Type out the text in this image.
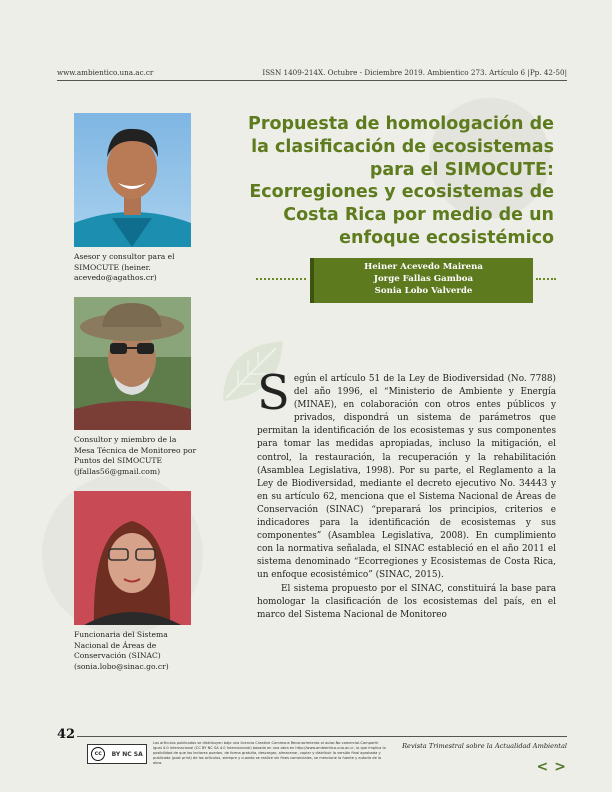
www.ambientico.una.ac.cr	ISSN 1409-214X. Octubre - Diciembre 2019. Ambientico 273. Artículo 6 |Pp. 42-50|
Asesor y consultor para el SIMOCUTE (heiner. acevedo@agathos.cr)
Consultor y miembro de la Mesa Técnica de Monitoreo por Puntos del SIMOCUTE (jfallas56@gmail.com)
Funcionaria del Sistema Nacional de Áreas de Conservación (SINAC) (sonia.lobo@sinac.go.cr)
Propuesta de homologación de la clasificación de ecosistemas para el SIMOCUTE: Ecorregiones y ecosistemas de Costa Rica por medio de un enfoque ecosistémico
Heiner Acevedo Mairena
Jorge Fallas Gamboa
Sonia Lobo Valverde

Según el artículo 51 de la Ley de Biodiversidad (No. 7788) del año 1996, el “Ministerio de Ambiente y Energía (MINAE), en colaboración con otros entes públicos y privados, dispondrá un sistema de parámetros que permitan la identificación de los ecosistemas y sus componentes para tomar las medidas apropiadas, incluso la mitigación, el control, la restauración, la recuperación y la rehabilitación (Asamblea Legislativa, 1998). Por su parte, el Reglamento a la Ley de Biodiversidad, mediante el decreto ejecutivo No. 34443 y en su artículo 62, menciona que el Sistema Nacional de Áreas de Conservación (SINAC) “preparará los principios, criterios e indicadores para la identificación de ecosistemas y sus componentes” (Asamblea Legislativa, 2008). En cumplimiento con la normativa señalada, el SINAC estableció en el año 2011 el sistema denominado “Ecorregiones y Ecosistemas de Costa Rica, un enfoque ecosistémico” (SINAC, 2015).

El sistema propuesto por el SINAC, constituirá la base para homologar la clasificación de los ecosistemas del país, en el marco del Sistema Nacional de Monitoreo

42
cc	BY NC SA
Los artículos publicados se distribuyen bajo una licencia Creative Commons Reconocimiento al autor-No comercial-Compartir igual 4.0 Internacional (CC BY NC SA 4.0 Internacional) basada en una obra en http://www.ambientico.una.ac.cr, lo que implica la posibilidad de que los lectores puedan, de forma gratuita, descargar, almacenar, copiar y distribuir la versión final aprobada y publicada (post print) de los artículos, siempre y cuando se realice sin fines comerciales, se mencione la fuente y autoría de la obra.
Revista Trimestral sobre la Actualidad Ambiental
< >
